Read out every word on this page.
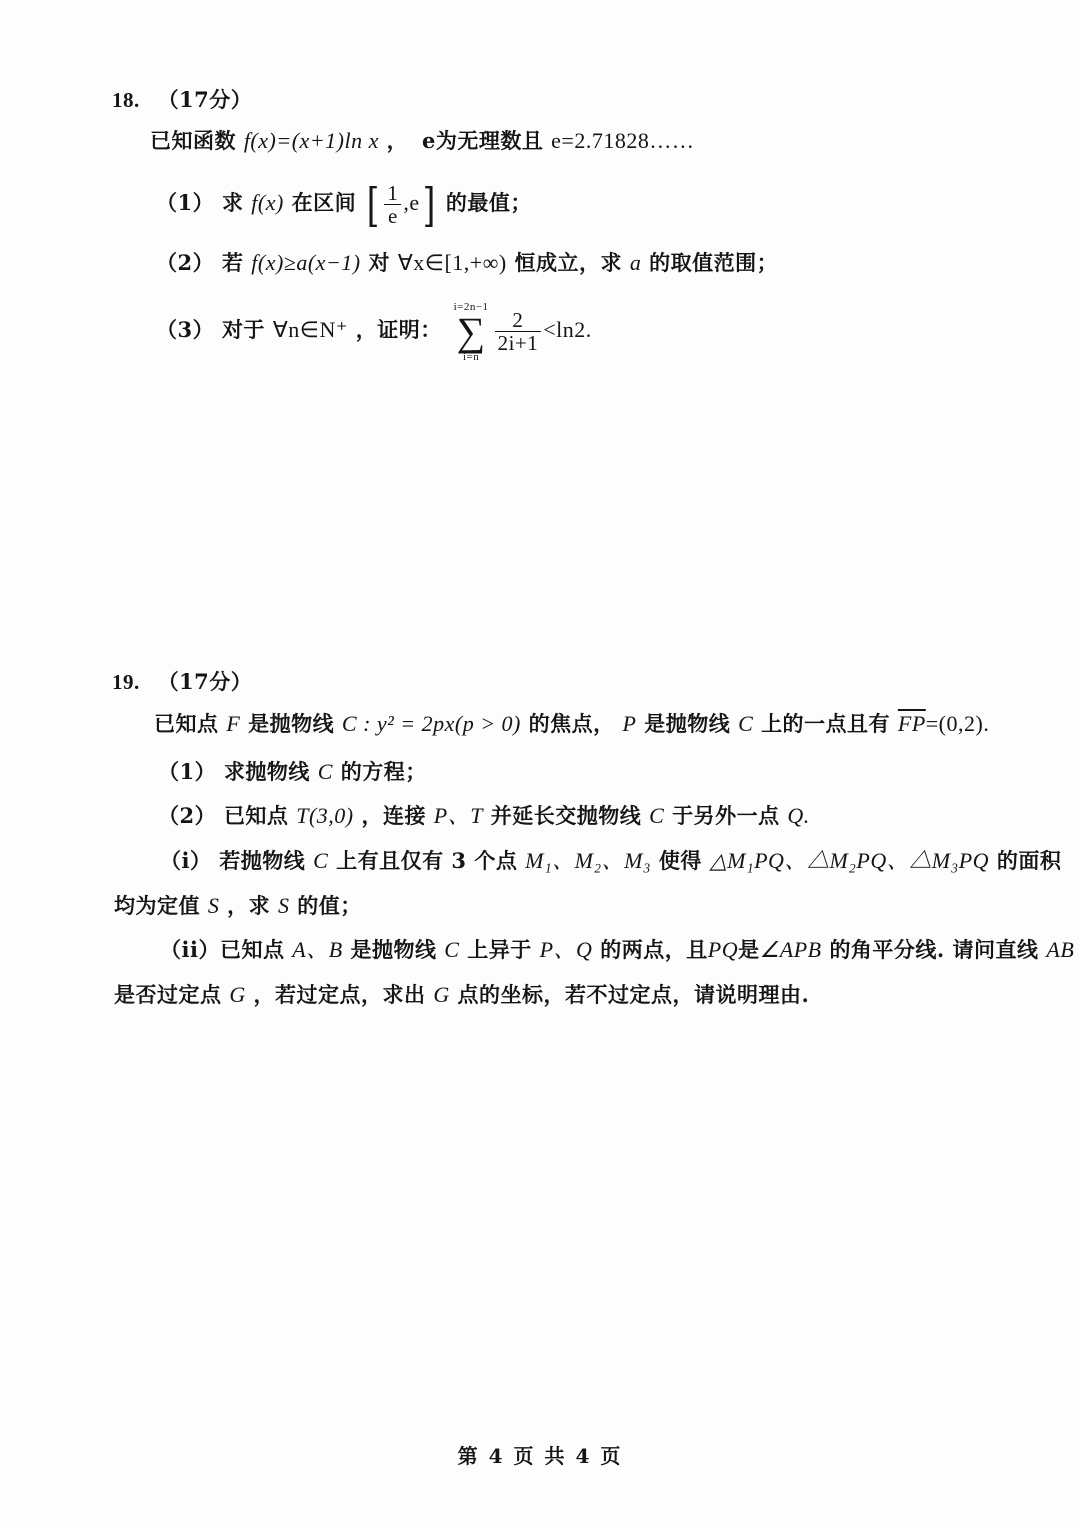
18. （17分）
已知函数 f(x)=(x+1)ln x ， e为无理数且 e=2.71828……
（1） 求 f(x) 在区间 [ $\frac{1}{e} ,e$] 的最值；
（2） 若 f(x)≥a(x−1) 对 ∀x∈[1,+∞) 恒成立，求 a 的取值范围；
（3） 对于 ∀n∈N⁺ ，证明：
i=2n−1
∑
i=n
$\frac{2}{2i+1} <\ln 2$.
19. （17分）
已知点 F 是抛物线 C : y² = 2px(p > 0) 的焦点， P 是抛物线 C 上的一点且有 $\overline{FP}=(0,2)$.
（1） 求抛物线 C 的方程；
（2） 已知点 T(3,0) ，连接 P、T 并延长交抛物线 C 于另外一点 Q.
（i） 若抛物线 C 上有且仅有 3 个点 M₁、M₂、M₃ 使得 △M₁PQ、△M₂PQ、△M₃PQ 的面积
均为定值 S ，求 S 的值；
（ii）已知点 A、B 是抛物线 C 上异于 P、Q 的两点，且PQ是∠APB 的角平分线. 请问直线 AB
是否过定点 G ，若过定点，求出 G 点的坐标，若不过定点，请说明理由.
第 4 页 共 4 页
